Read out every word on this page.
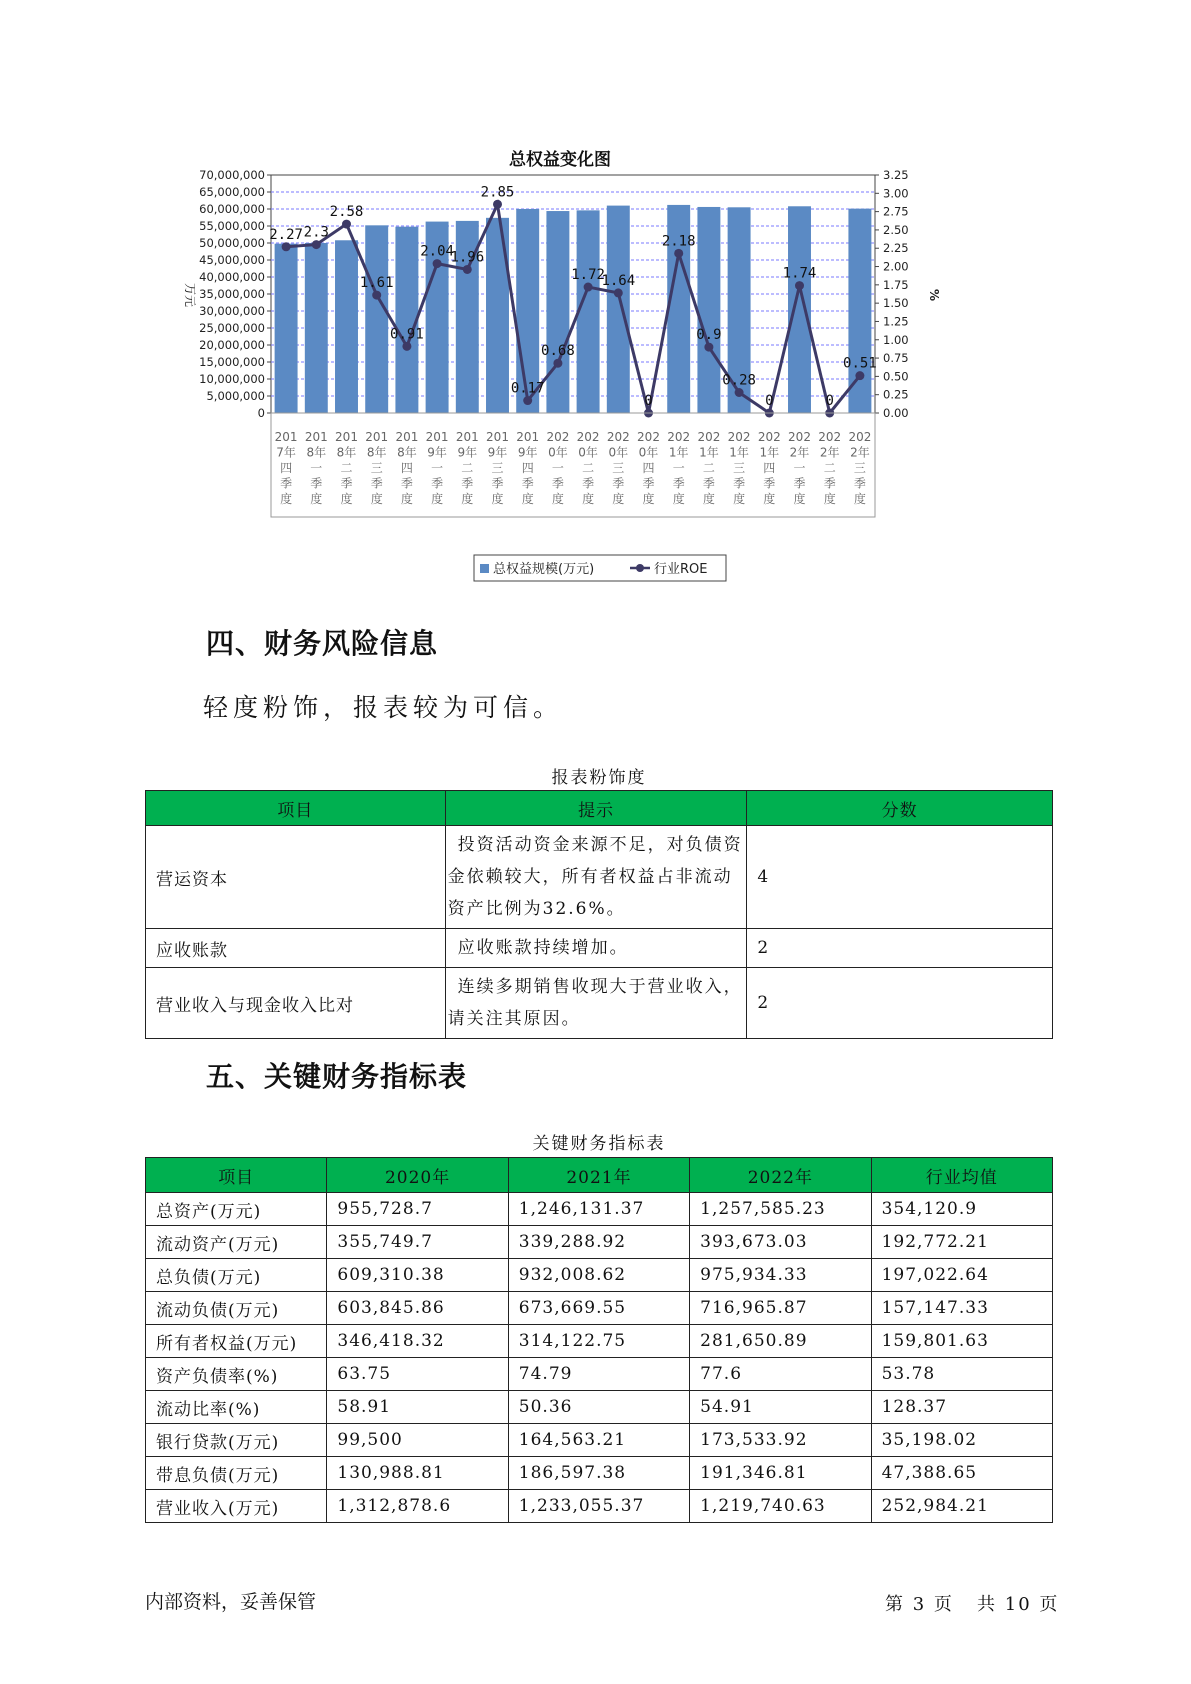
总权益变化图
70,000,000
65,000,000
60,000,000
55,000,000
50,000,000
45,000,000
40,000,000
35,000,000
30,000,000
25,000,000
20,000,000
15,000,000
10,000,000
5,000,000
0
3.25
3.00
2.75
2.50
2.25
2.00
1.75
1.50
1.25
1.00
0.75
0.50
0.25
0.00
万元	%
2.27 2.3
2.58
1.61
0.91
2.04
1.96
2.85
0.17
0.68
1.72
1.64
0
2.18
0.9
0.28
0
1.74
0
0.51
201
7年
四
季
度
201
8年
一
季
度
201
8年
二
季
度
201
8年
三
季
度
201
8年
四
季
度
201
9年
一
季
度
201
9年
二
季
度
201
9年
三
季
度
201
9年
四
季
度
202
0年
一
季
度
202
0年
二
季
度
202
0年
三
季
度
202
0年
四
季
度
202
1年
一
季
度
202
1年
二
季
度
202
1年
三
季
度
202
1年
四
季
度
202
2年
一
季
度
202
2年
二
季
度
202
2年
三
季
度
总权益规模(万元)	行业ROE
四、财务风险信息
轻度粉饰，报表较为可信。
报表粉饰度
项目	提示	分数
营运资本	投资活动资金来源不足，对负债资金依赖较大，所有者权益占非流动资产比例为32.6%。	4
应收账款	应收账款持续增加。	2
营业收入与现金收入比对	连续多期销售收现大于营业收入，请关注其原因。	2
五、关键财务指标表
关键财务指标表
项目	2020年	2021年	2022年	行业均值
总资产(万元)	955,728.7	1,246,131.37	1,257,585.23	354,120.9
流动资产(万元)	355,749.7	339,288.92	393,673.03	192,772.21
总负债(万元)	609,310.38	932,008.62	975,934.33	197,022.64
流动负债(万元)	603,845.86	673,669.55	716,965.87	157,147.33
所有者权益(万元)	346,418.32	314,122.75	281,650.89	159,801.63
资产负债率(%)	63.75	74.79	77.6	53.78
流动比率(%)	58.91	50.36	54.91	128.37
银行贷款(万元)	99,500	164,563.21	173,533.92	35,198.02
带息负债(万元)	130,988.81	186,597.38	191,346.81	47,388.65
营业收入(万元)	1,312,878.6	1,233,055.37	1,219,740.63	252,984.21
内部资料，妥善保管	第 3 页   共 10 页
